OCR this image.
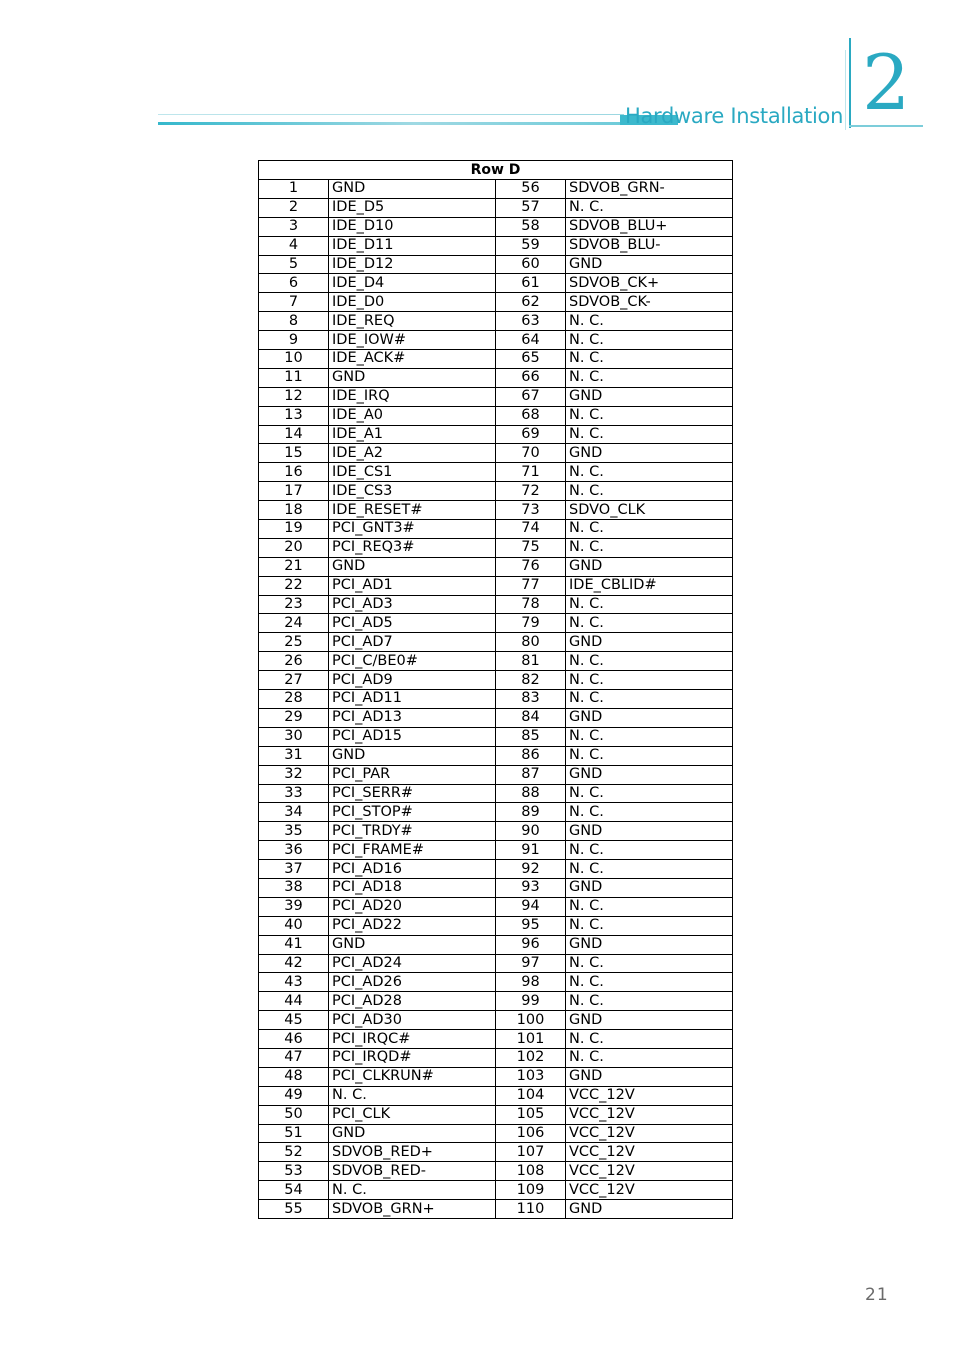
Hardware Installation 2
Row D			
1	GND	56	SDVOB_GRN-
2	IDE_D5	57	N. C.
3	IDE_D10	58	SDVOB_BLU+
4	IDE_D11	59	SDVOB_BLU-
5	IDE_D12	60	GND
6	IDE_D4	61	SDVOB_CK+
7	IDE_D0	62	SDVOB_CK-
8	IDE_REQ	63	N. C.
9	IDE_IOW#	64	N. C.
10	IDE_ACK#	65	N. C.
11	GND	66	N. C.
12	IDE_IRQ	67	GND
13	IDE_A0	68	N. C.
14	IDE_A1	69	N. C.
15	IDE_A2	70	GND
16	IDE_CS1	71	N. C.
17	IDE_CS3	72	N. C.
18	IDE_RESET#	73	SDVO_CLK
19	PCI_GNT3#	74	N. C.
20	PCI_REQ3#	75	N. C.
21	GND	76	GND
22	PCI_AD1	77	IDE_CBLID#
23	PCI_AD3	78	N. C.
24	PCI_AD5	79	N. C.
25	PCI_AD7	80	GND
26	PCI_C/BE0#	81	N. C.
27	PCI_AD9	82	N. C.
28	PCI_AD11	83	N. C.
29	PCI_AD13	84	GND
30	PCI_AD15	85	N. C.
31	GND	86	N. C.
32	PCI_PAR	87	GND
33	PCI_SERR#	88	N. C.
34	PCI_STOP#	89	N. C.
35	PCI_TRDY#	90	GND
36	PCI_FRAME#	91	N. C.
37	PCI_AD16	92	N. C.
38	PCI_AD18	93	GND
39	PCI_AD20	94	N. C.
40	PCI_AD22	95	N. C.
41	GND	96	GND
42	PCI_AD24	97	N. C.
43	PCI_AD26	98	N. C.
44	PCI_AD28	99	N. C.
45	PCI_AD30	100	GND
46	PCI_IRQC#	101	N. C.
47	PCI_IRQD#	102	N. C.
48	PCI_CLKRUN#	103	GND
49	N. C.	104	VCC_12V
50	PCI_CLK	105	VCC_12V
51	GND	106	VCC_12V
52	SDVOB_RED+	107	VCC_12V
53	SDVOB_RED-	108	VCC_12V
54	N. C.	109	VCC_12V
55	SDVOB_GRN+	110	GND
21
